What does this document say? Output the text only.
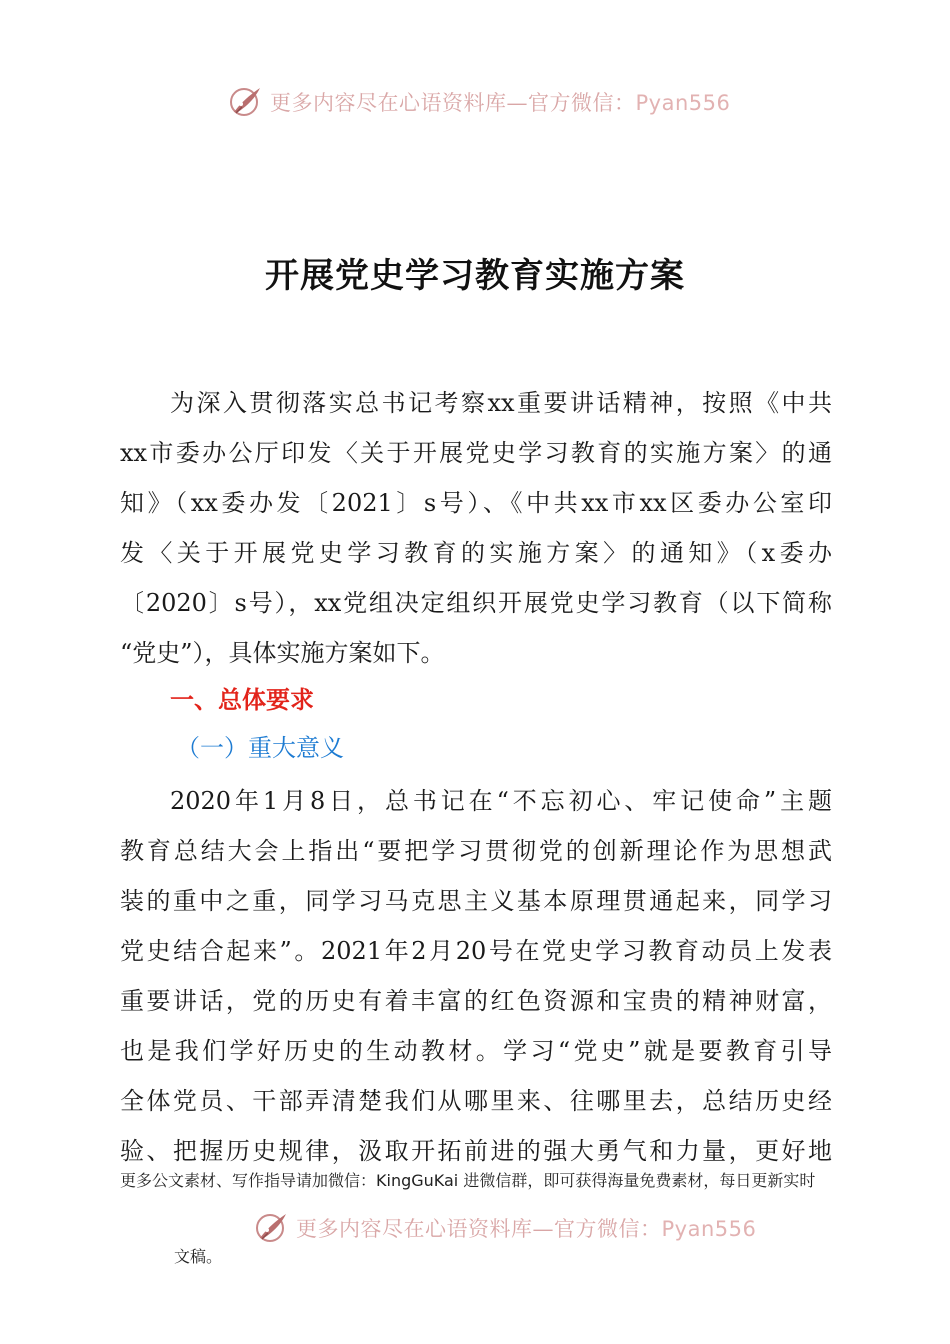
更多内容尽在心语资料库—官方微信：Pyan556
开展党史学习教育实施方案
为深入贯彻落实总书记考察xx重要讲话精神，按照《中共
xx市委办公厅印发〈关于开展党史学习教育的实施方案〉的通
知》（xx委办发〔2021〕s号）、《中共xx市xx区委办公室印
发〈关于开展党史学习教育的实施方案〉的通知》（x委办
〔2020〕s号），xx党组决定组织开展党史学习教育（以下简称
“党史”），具体实施方案如下。
一、总体要求
（一）重大意义
2020年1月8日，总书记在“不忘初心、牢记使命”主题
教育总结大会上指出“要把学习贯彻党的创新理论作为思想武
装的重中之重，同学习马克思主义基本原理贯通起来，同学习
党史结合起来”。2021年2月20号在党史学习教育动员上发表
重要讲话，党的历史有着丰富的红色资源和宝贵的精神财富，
也是我们学好历史的生动教材。学习“党史”就是要教育引导
全体党员、干部弄清楚我们从哪里来、往哪里去，总结历史经
验、把握历史规律，汲取开拓前进的强大勇气和力量，更好地
更多公文素材、写作指导请加微信：KingGuKai 进微信群，即可获得海量免费素材，每日更新实时
更多内容尽在心语资料库—官方微信：Pyan556
文稿。
